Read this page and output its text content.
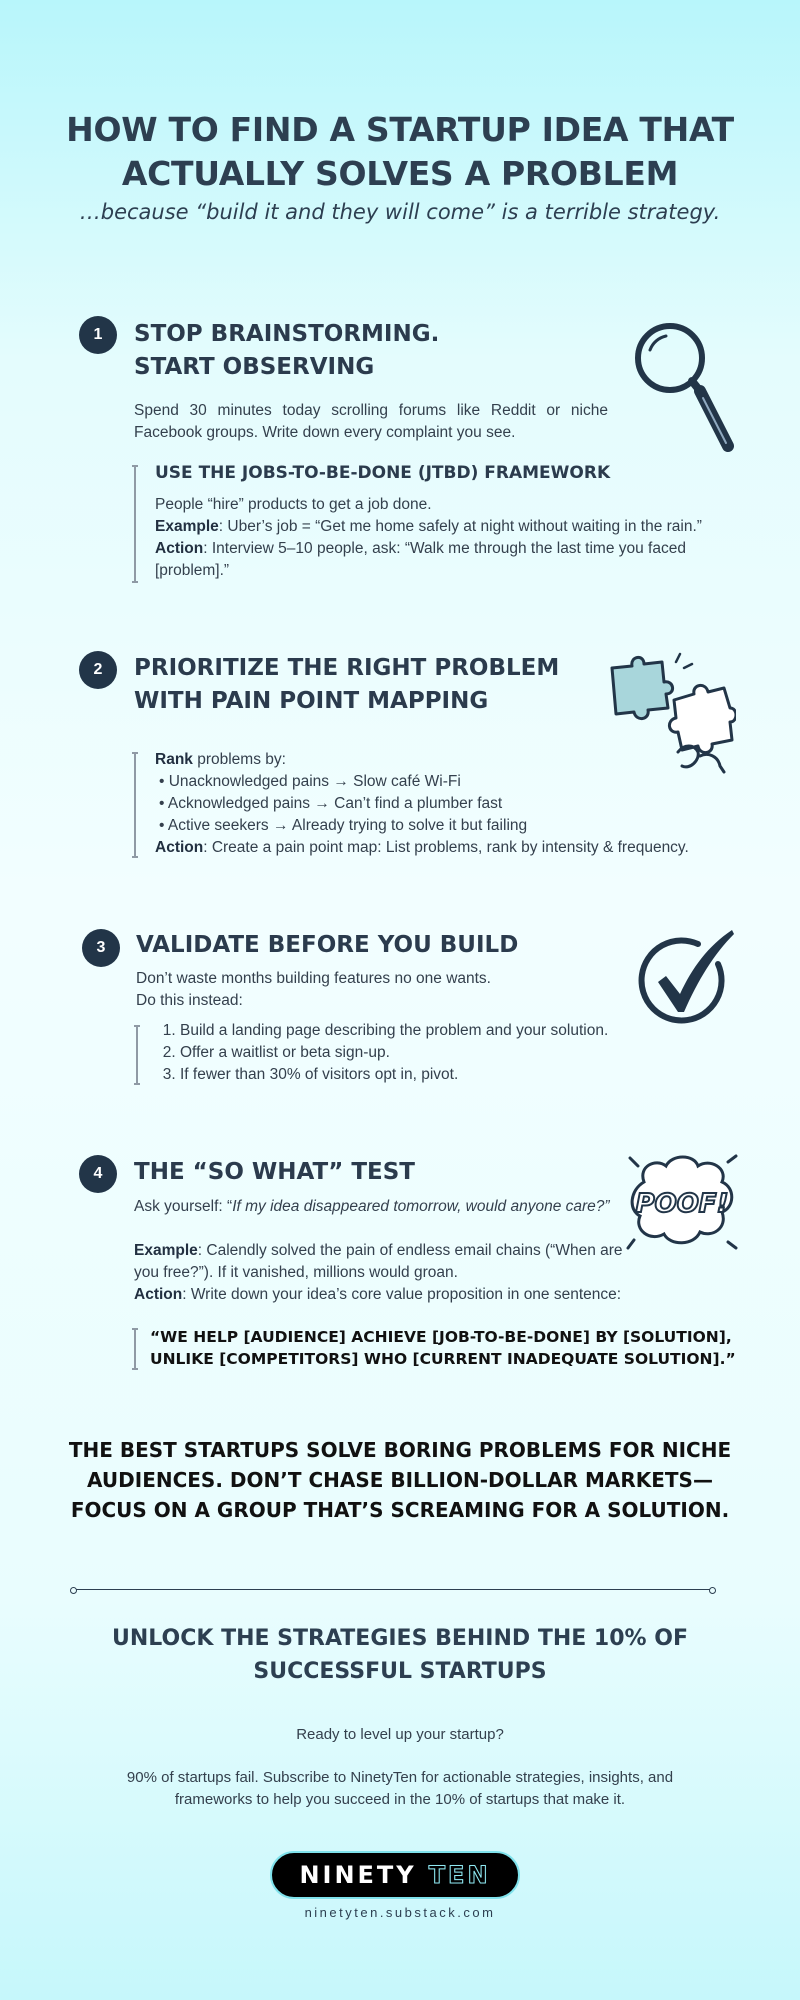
HOW TO FIND A STARTUP IDEA THAT
ACTUALLY SOLVES A PROBLEM
…because “build it and they will come” is a terrible strategy.
1	STOP BRAINSTORMING.
START OBSERVING
Spend 30 minutes today scrolling forums like Reddit or niche Facebook groups. Write down every complaint you see.
USE THE JOBS-TO-BE-DONE (JTBD) FRAMEWORK
People “hire” products to get a job done.
Example: Uber’s job = “Get me home safely at night without waiting in the rain.”
Action: Interview 5–10 people, ask: “Walk me through the last time you faced [problem].”
2	PRIORITIZE THE RIGHT PROBLEM
WITH PAIN POINT MAPPING
Rank problems by:
• Unacknowledged pains → Slow café Wi-Fi
• Acknowledged pains → Can’t find a plumber fast
• Active seekers → Already trying to solve it but failing
Action: Create a pain point map: List problems, rank by intensity & frequency.
3	VALIDATE BEFORE YOU BUILD
Don’t waste months building features no one wants.
Do this instead:
1. Build a landing page describing the problem and your solution.
2. Offer a waitlist or beta sign-up.
3. If fewer than 30% of visitors opt in, pivot.
4	THE “SO WHAT” TEST
Ask yourself: “If my idea disappeared tomorrow, would anyone care?” POOF!
Example: Calendly solved the pain of endless email chains (“When are you free?”). If it vanished, millions would groan.
Action: Write down your idea’s core value proposition in one sentence:
“WE HELP [AUDIENCE] ACHIEVE [JOB-TO-BE-DONE] BY [SOLUTION],
UNLIKE [COMPETITORS] WHO [CURRENT INADEQUATE SOLUTION].”
THE BEST STARTUPS SOLVE BORING PROBLEMS FOR NICHE
AUDIENCES. DON’T CHASE BILLION-DOLLAR MARKETS—
FOCUS ON A GROUP THAT’S SCREAMING FOR A SOLUTION.
UNLOCK THE STRATEGIES BEHIND THE 10% OF
SUCCESSFUL STARTUPS
Ready to level up your startup?
90% of startups fail. Subscribe to NinetyTen for actionable strategies, insights, and frameworks to help you succeed in the 10% of startups that make it.
NINETY TEN
ninetyten.substack.com
